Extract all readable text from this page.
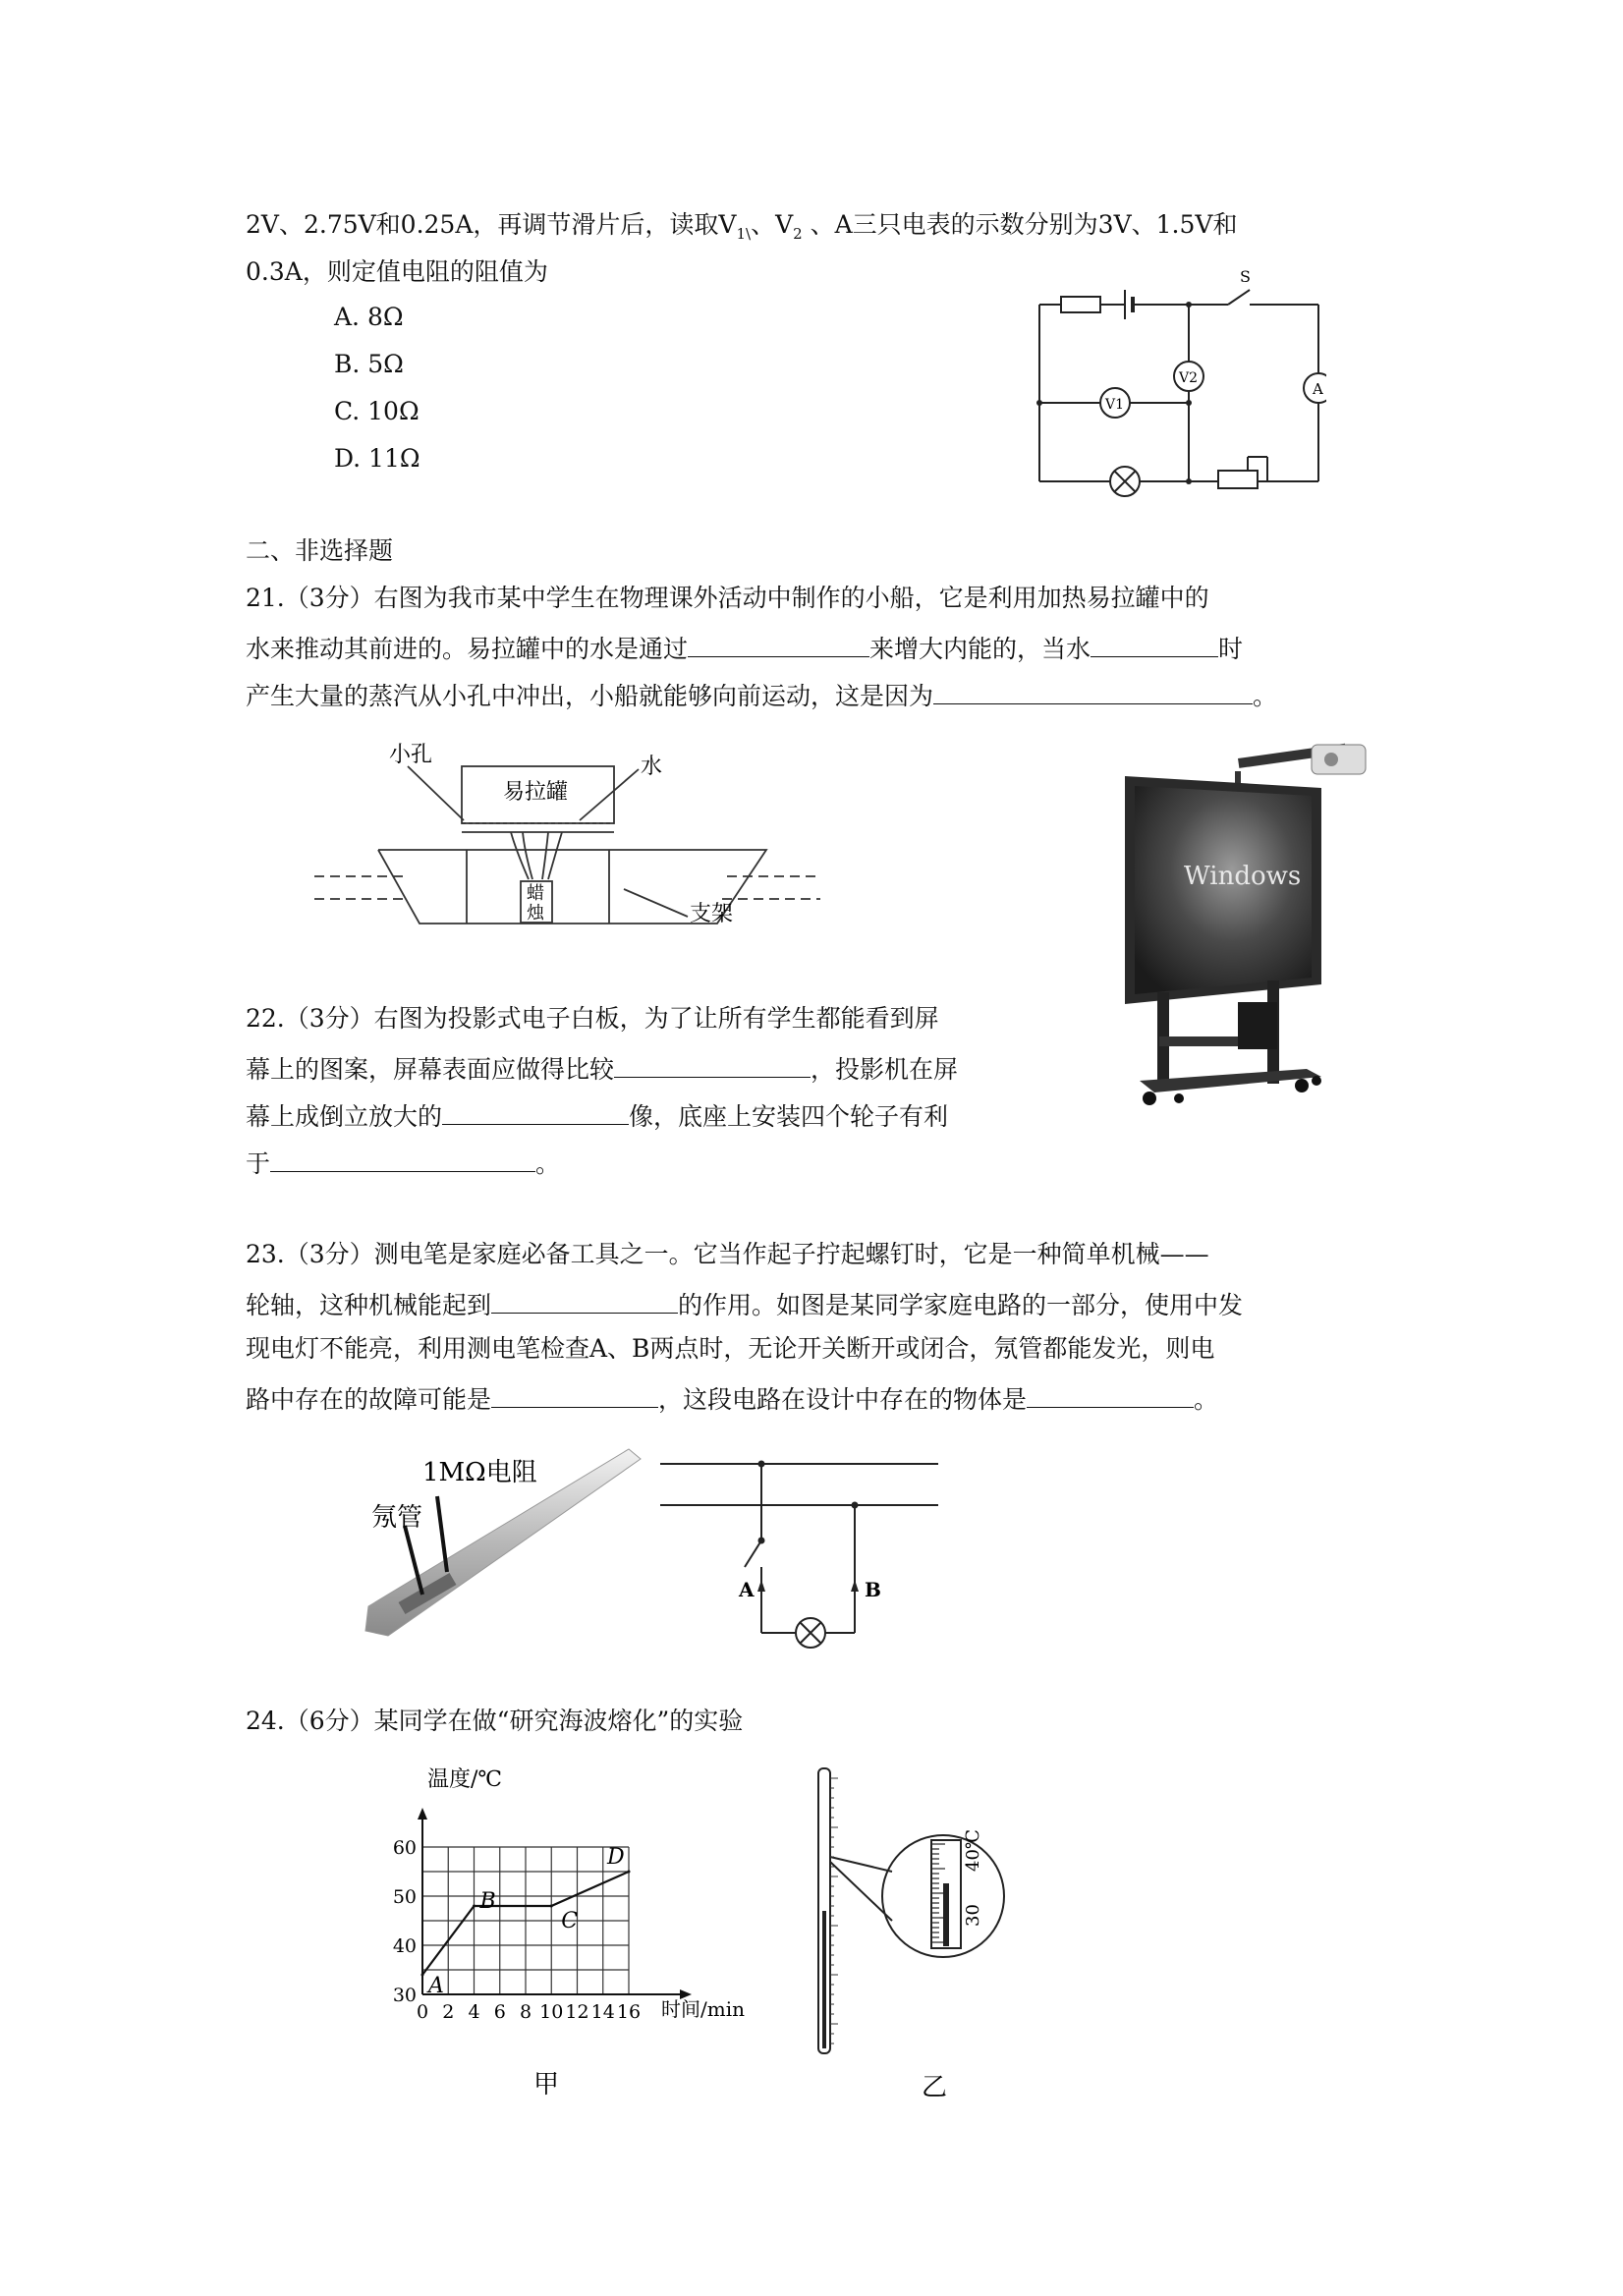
2V、2.75V和0.25A，再调节滑片后，读取$V_{1\backslash}$、$V_2$ 、A三只电表的示数分别为3V、1.5V和
0.3A，则定值电阻的阻值为
A. 8Ω
B. 5Ω
C. 10Ω
D. 11Ω
S
V2
A
V1
二、非选择题
21.（3分）右图为我市某中学生在物理课外活动中制作的小船，它是利用加热易拉罐中的
水来推动其前进的。易拉罐中的水是通过	来增大内能的，当水	时
产生大量的蒸汽从小孔中冲出，小船就能够向前运动，这是因为	。
小孔
易拉罐
水
蜡
烛	支架
Windows
22.（3分）右图为投影式电子白板，为了让所有学生都能看到屏
幕上的图案，屏幕表面应做得比较	，投影机在屏
幕上成倒立放大的	像，底座上安装四个轮子有利
于	。
23.（3分）测电笔是家庭必备工具之一。它当作起子拧起螺钉时，它是一种简单机械——
轮轴，这种机械能起到	的作用。如图是某同学家庭电路的一部分，使用中发
现电灯不能亮，利用测电笔检查A、B两点时，无论开关断开或闭合，氖管都能发光，则电
路中存在的故障可能是	，这段电路在设计中存在的物体是	。
1MΩ电阻
氖管
A	B
24.（6分）某同学在做“研究海波熔化”的实验
0 2 4 6 8 10 12 14 16
30
40
50
60
A
B
C
D
温度/℃
时间/min
甲
40℃
30
乙
